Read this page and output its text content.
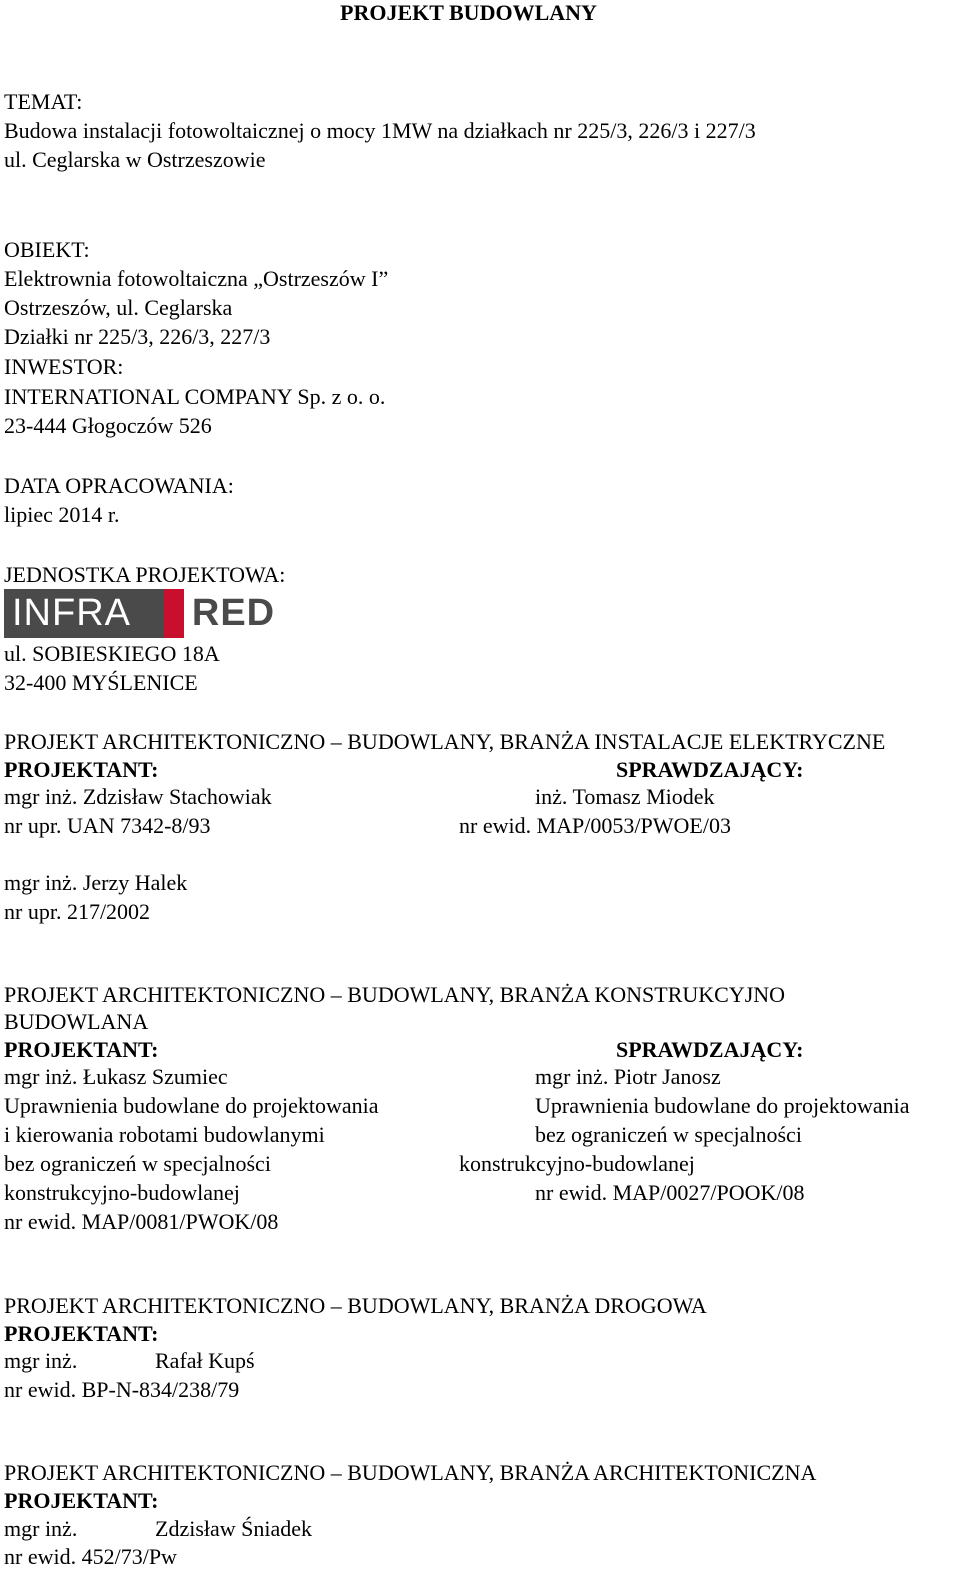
PROJEKT BUDOWLANY
TEMAT:
Budowa instalacji fotowoltaicznej o mocy 1MW na działkach nr 225/3, 226/3 i 227/3
ul. Ceglarska w Ostrzeszowie
OBIEKT:
Elektrownia fotowoltaiczna „Ostrzeszów I”
Ostrzeszów, ul. Ceglarska
Działki nr 225/3, 226/3, 227/3
INWESTOR:
INTERNATIONAL COMPANY Sp. z o. o.
23-444 Głogoczów 526
DATA OPRACOWANIA:
lipiec 2014 r.
JEDNOSTKA PROJEKTOWA:
INFRA RED
ul. SOBIESKIEGO 18A
32-400 MYŚLENICE
PROJEKT ARCHITEKTONICZNO – BUDOWLANY, BRANŻA INSTALACJE ELEKTRYCZNE
PROJEKTANT:	SPRAWDZAJĄCY:
mgr inż. Zdzisław Stachowiak	inż. Tomasz Miodek
nr upr. UAN 7342-8/93	nr ewid. MAP/0053/PWOE/03
mgr inż. Jerzy Halek
nr upr. 217/2002
PROJEKT ARCHITEKTONICZNO – BUDOWLANY, BRANŻA KONSTRUKCYJNO
BUDOWLANA
PROJEKTANT:	SPRAWDZAJĄCY:
mgr inż. Łukasz Szumiec	mgr inż. Piotr Janosz
Uprawnienia budowlane do projektowania	Uprawnienia budowlane do projektowania
i kierowania robotami budowlanymi	bez ograniczeń w specjalności
bez ograniczeń w specjalności	konstrukcyjno-budowlanej
konstrukcyjno-budowlanej	nr ewid. MAP/0027/POOK/08
nr ewid. MAP/0081/PWOK/08
PROJEKT ARCHITEKTONICZNO – BUDOWLANY, BRANŻA DROGOWA
PROJEKTANT:
mgr inż.	Rafał Kupś
nr ewid. BP-N-834/238/79
PROJEKT ARCHITEKTONICZNO – BUDOWLANY, BRANŻA ARCHITEKTONICZNA
PROJEKTANT:
mgr inż.	Zdzisław Śniadek
nr ewid. 452/73/Pw
